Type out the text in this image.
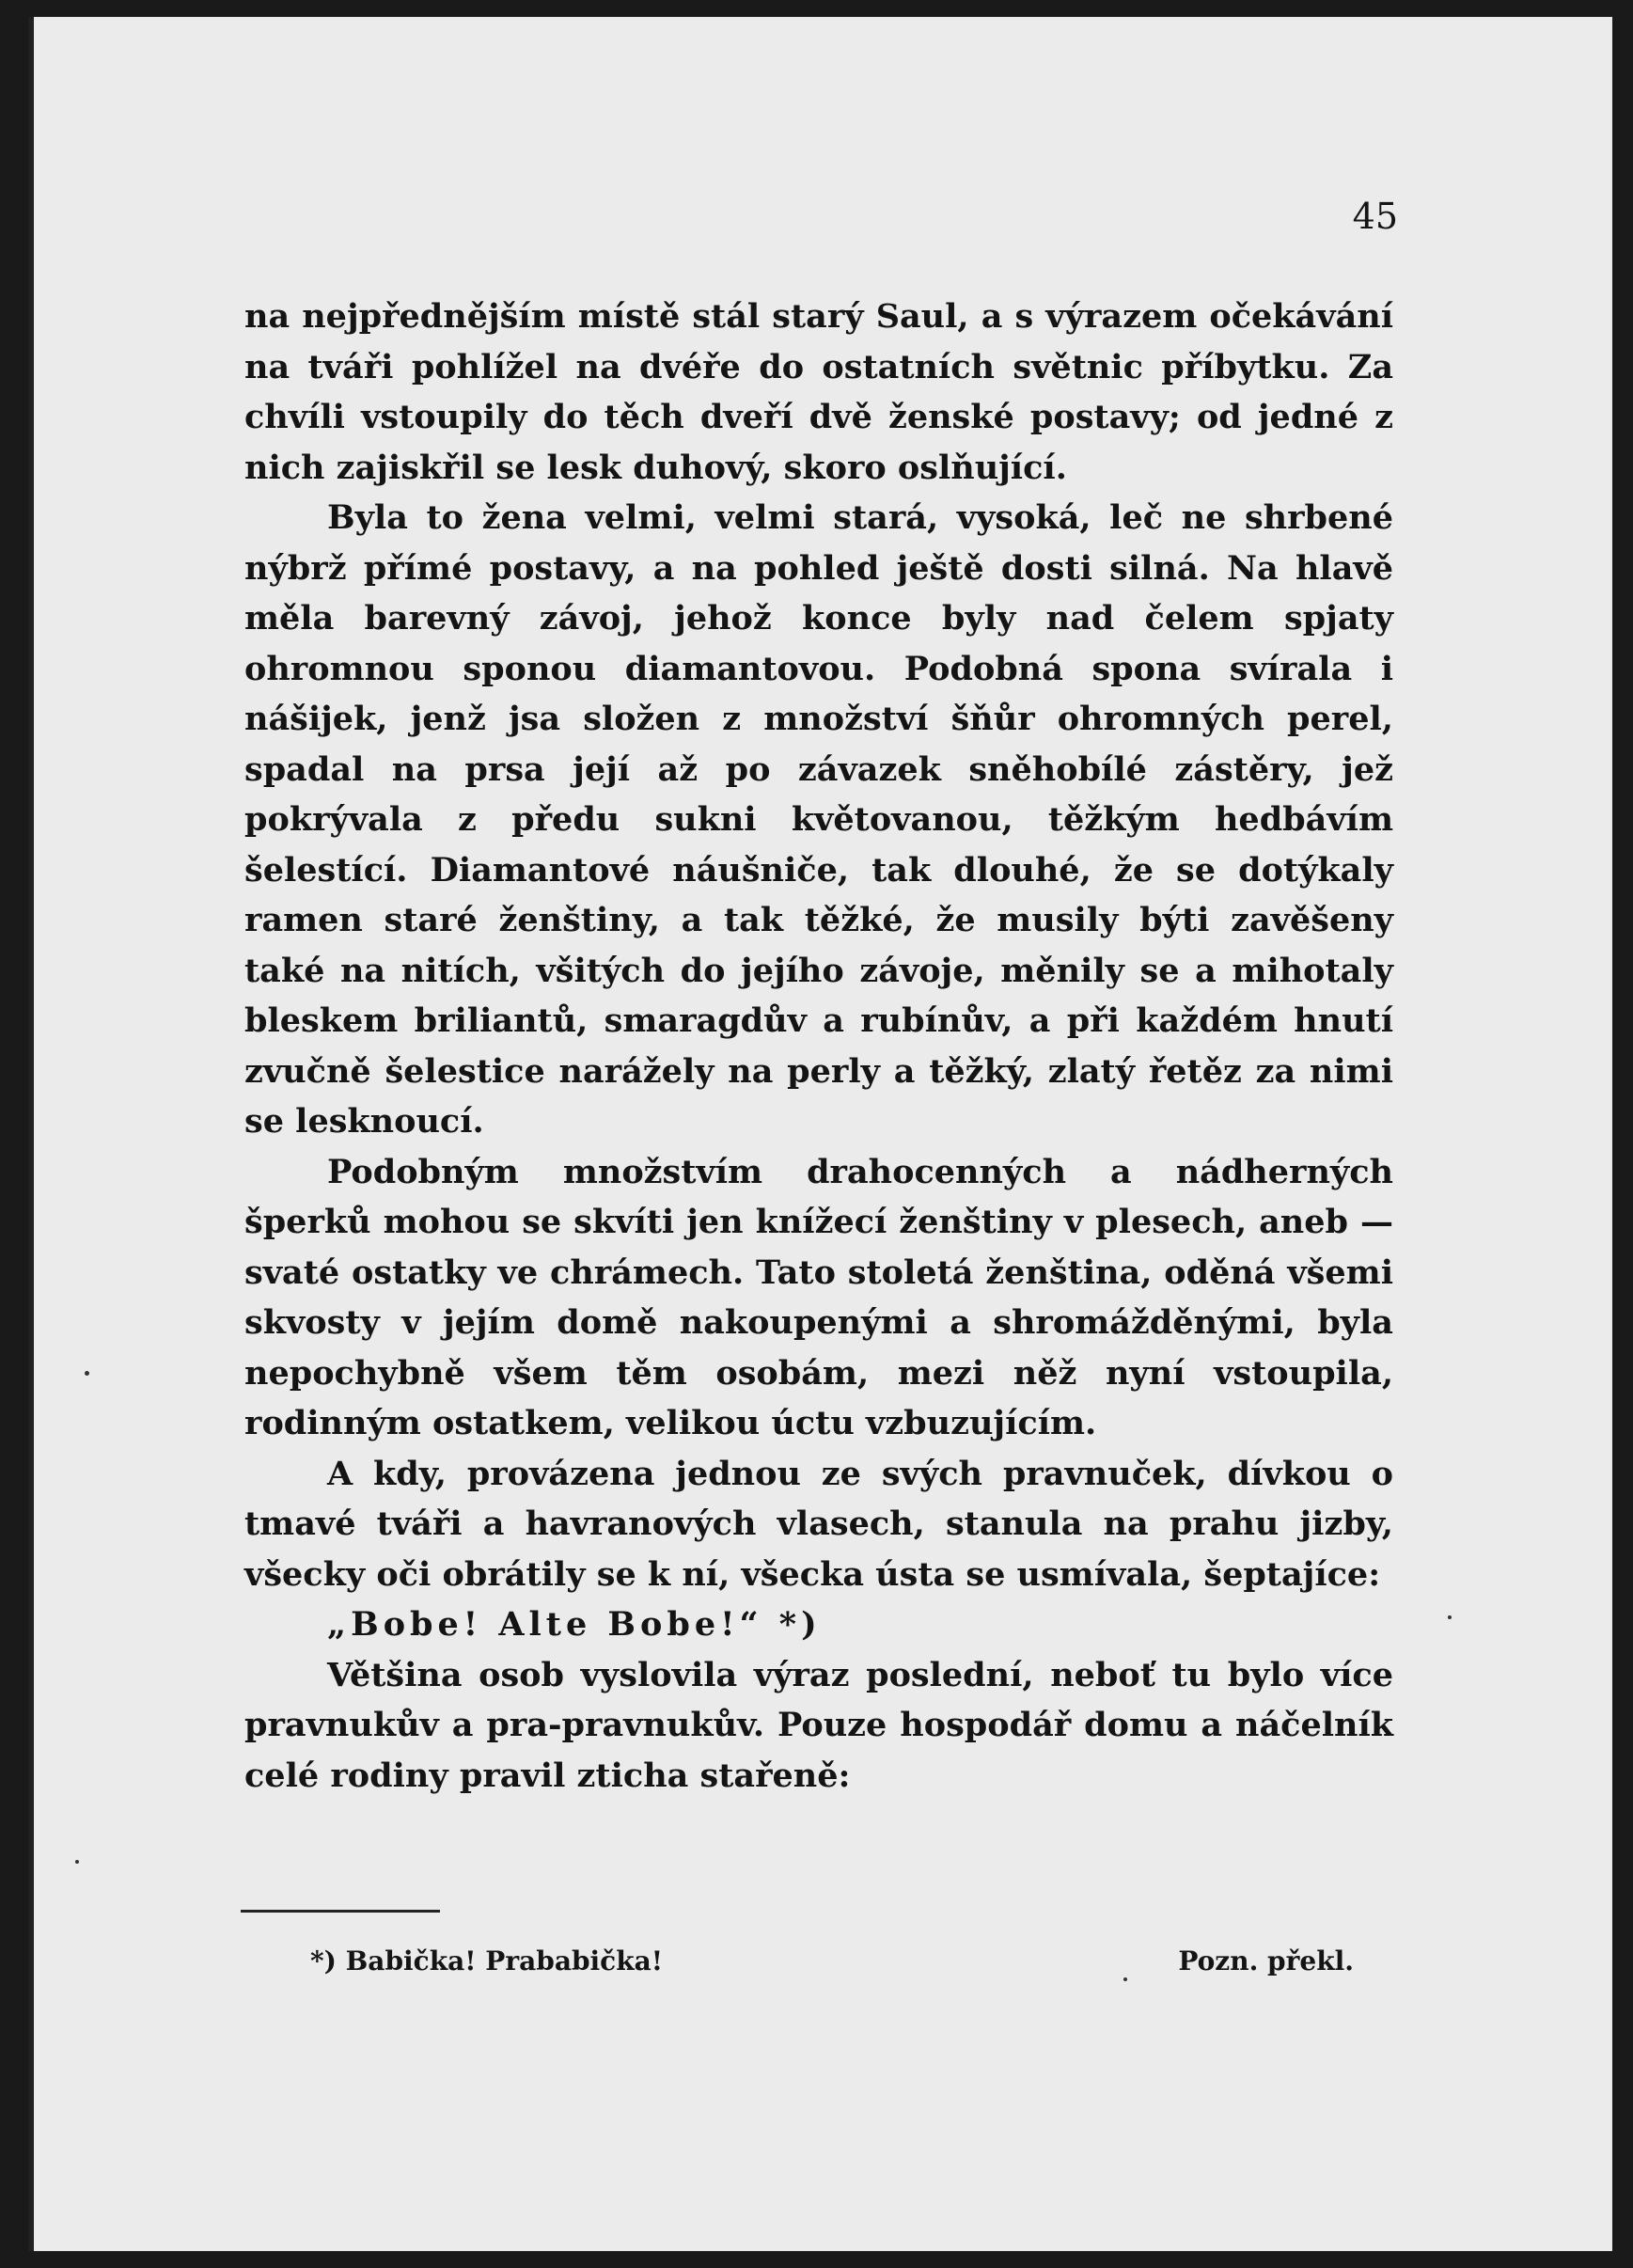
45

na nejpřednějším místě stál starý Saul, a s výrazem očekávání na tváři pohlížel na dvéře do ostatních světnic příbytku. Za chvíli vstoupily do těch dveří dvě ženské postavy; od jedné z nich zajiskřil se lesk duhový, skoro oslňující.

Byla to žena velmi, velmi stará, vysoká, leč ne shrbené nýbrž přímé postavy, a na pohled ještě dosti silná. Na hlavě měla barevný závoj, jehož konce byly nad čelem spjaty ohromnou sponou diamantovou. Podobná spona svírala i nášijek, jenž jsa složen z množství šňůr ohromných perel, spadal na prsa její až po závazek sněhobílé zástěry, jež pokrývala z předu sukni květovanou, těžkým hedbávím šelestící. Diamantové náušniče, tak dlouhé, že se dotýkaly ramen staré ženštiny, a tak těžké, že musily býti zavěšeny také na nitích, všitých do jejího závoje, měnily se a mihotaly bleskem briliantů, smaragdův a rubínův, a při každém hnutí zvučně šelestice narážely na perly a těžký, zlatý řetěz za nimi se lesknoucí.

Podobným množstvím drahocenných a nádherných šperků mohou se skvíti jen knížecí ženštiny v plesech, aneb — svaté ostatky ve chrámech. Tato stoletá ženština, oděná všemi skvosty v jejím domě nakoupenými a shromážděnými, byla nepochybně všem těm osobám, mezi něž nyní vstoupila, rodinným ostatkem, velikou úctu vzbuzujícím.

A kdy, provázena jednou ze svých pravnuček, dívkou o tmavé tváři a havranových vlasech, stanula na prahu jizby, všecky oči obrátily se k ní, všecka ústa se usmívala, šeptajíce:

„Bobe! Alte Bobe!“ *)

Většina osob vyslovila výraz poslední, neboť tu bylo více pravnukův a pra-pravnukův. Pouze hospodář domu a náčelník celé rodiny pravil zticha stařeně:

*) Babička! Prababička!	Pozn. překl.
